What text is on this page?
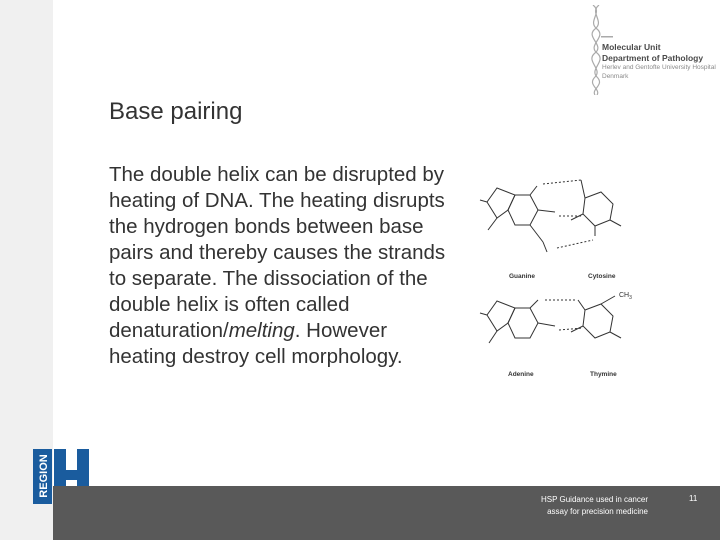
REGION
Molecular Unit
Department of Pathology
Herlev and Gentofte University Hospital
Denmark
Base pairing
The double helix can be disrupted by heating of DNA. The heating disrupts the hydrogen bonds between base pairs and thereby causes the strands to separate. The dissociation of the double helix is often called denaturation/melting. However heating destroy cell morphology.
Guanine	Cytosine
Adenine	Thymine
$CH_3$
HSP Guidance used in cancer
assay for precision medicine
11
